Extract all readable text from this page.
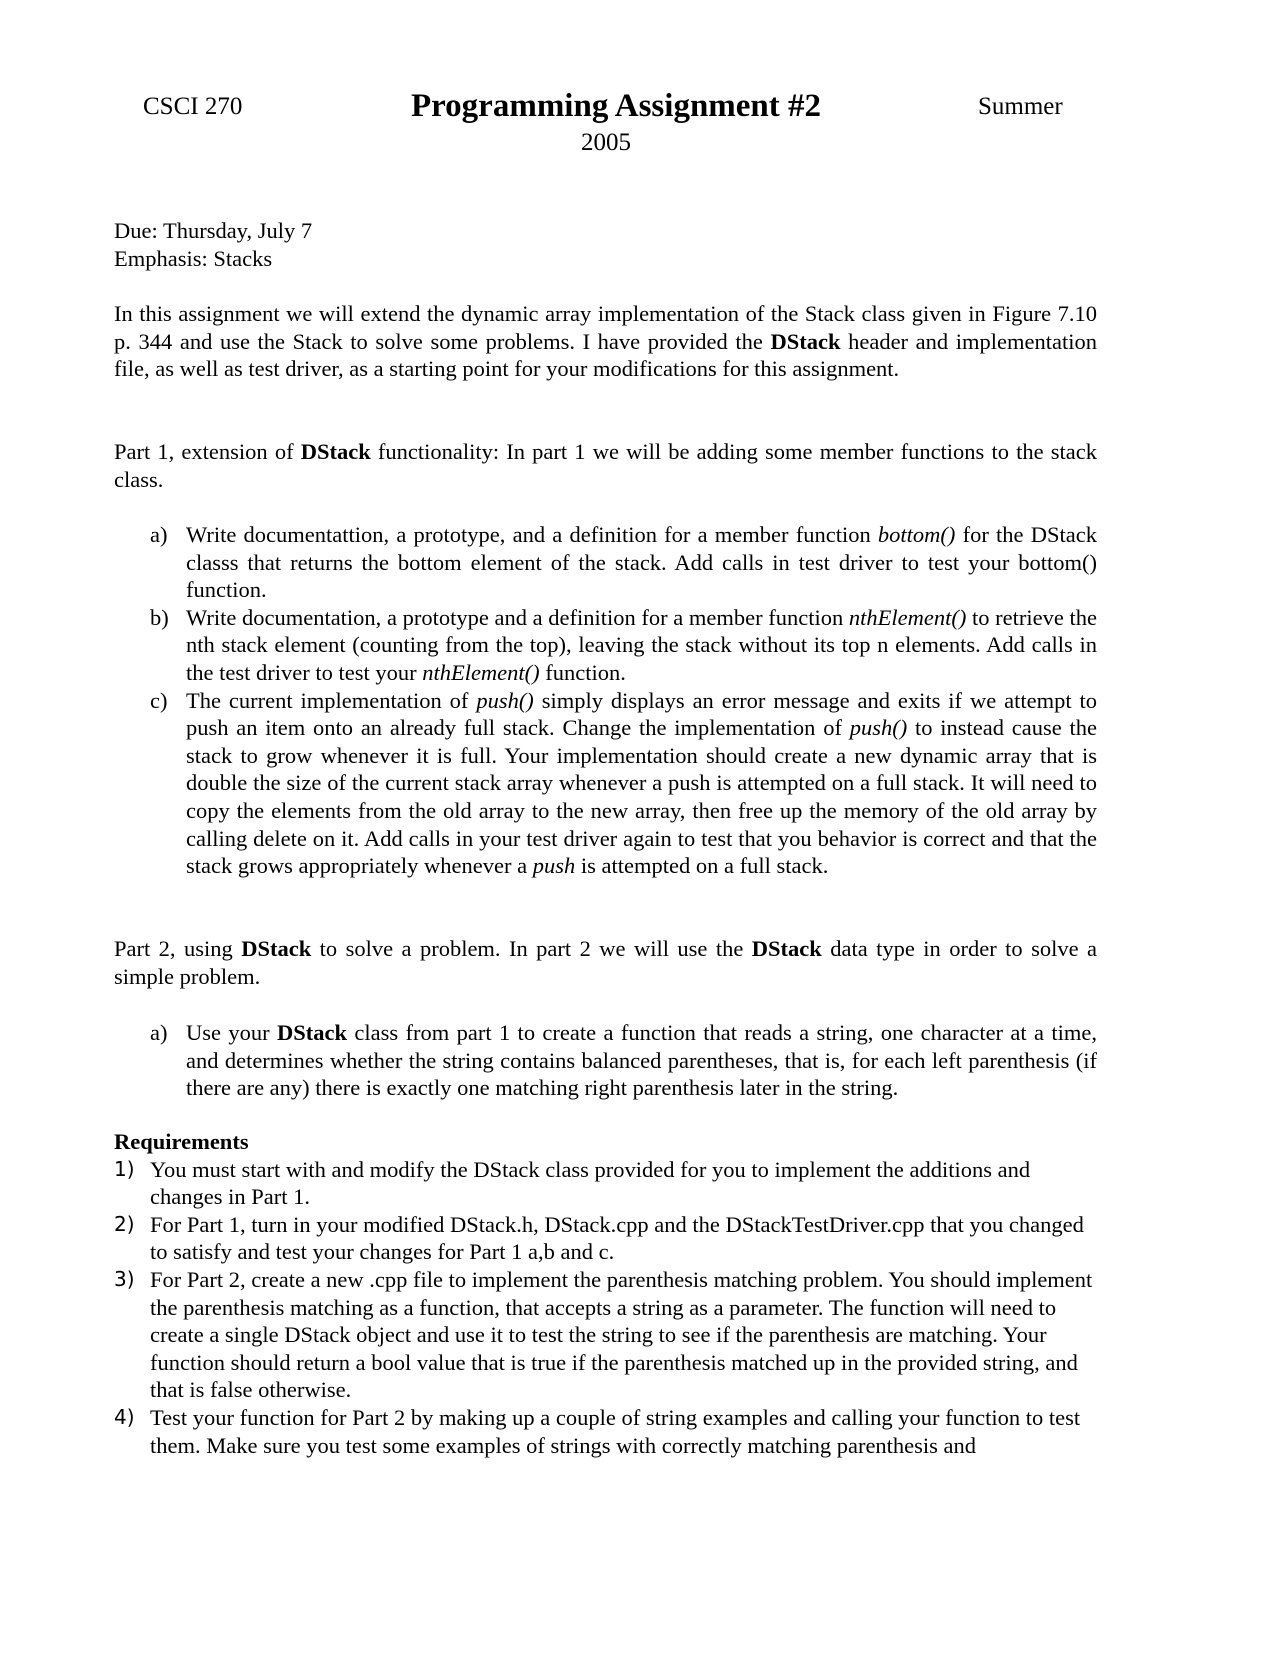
CSCI 270	Programming Assignment #2	Summer
2005
Due: Thursday, July 7
Emphasis: Stacks
In this assignment we will extend the dynamic array implementation of the Stack class given in Figure 7.10 p. 344 and use the Stack to solve some problems. I have provided the DStack header and implementation file, as well as test driver, as a starting point for your modifications for this assignment.
Part 1, extension of DStack functionality: In part 1 we will be adding some member functions to the stack class.
a) Write documentattion, a prototype, and a definition for a member function bottom() for the DStack classs that returns the bottom element of the stack. Add calls in test driver to test your bottom() function.
b) Write documentation, a prototype and a definition for a member function nthElement() to retrieve the nth stack element (counting from the top), leaving the stack without its top n elements. Add calls in the test driver to test your nthElement() function.
c) The current implementation of push() simply displays an error message and exits if we attempt to push an item onto an already full stack. Change the implementation of push() to instead cause the stack to grow whenever it is full. Your implementation should create a new dynamic array that is double the size of the current stack array whenever a push is attempted on a full stack. It will need to copy the elements from the old array to the new array, then free up the memory of the old array by calling delete on it. Add calls in your test driver again to test that you behavior is correct and that the stack grows appropriately whenever a push is attempted on a full stack.
Part 2, using DStack to solve a problem. In part 2 we will use the DStack data type in order to solve a simple problem.
a) Use your DStack class from part 1 to create a function that reads a string, one character at a time, and determines whether the string contains balanced parentheses, that is, for each left parenthesis (if there are any) there is exactly one matching right parenthesis later in the string.
Requirements
1) You must start with and modify the DStack class provided for you to implement the additions and changes in Part 1.
2) For Part 1, turn in your modified DStack.h, DStack.cpp and the DStackTestDriver.cpp that you changed to satisfy and test your changes for Part 1 a,b and c.
3) For Part 2, create a new .cpp file to implement the parenthesis matching problem. You should implement the parenthesis matching as a function, that accepts a string as a parameter. The function will need to create a single DStack object and use it to test the string to see if the parenthesis are matching. Your function should return a bool value that is true if the parenthesis matched up in the provided string, and that is false otherwise.
4) Test your function for Part 2 by making up a couple of string examples and calling your function to test them. Make sure you test some examples of strings with correctly matching parenthesis and
